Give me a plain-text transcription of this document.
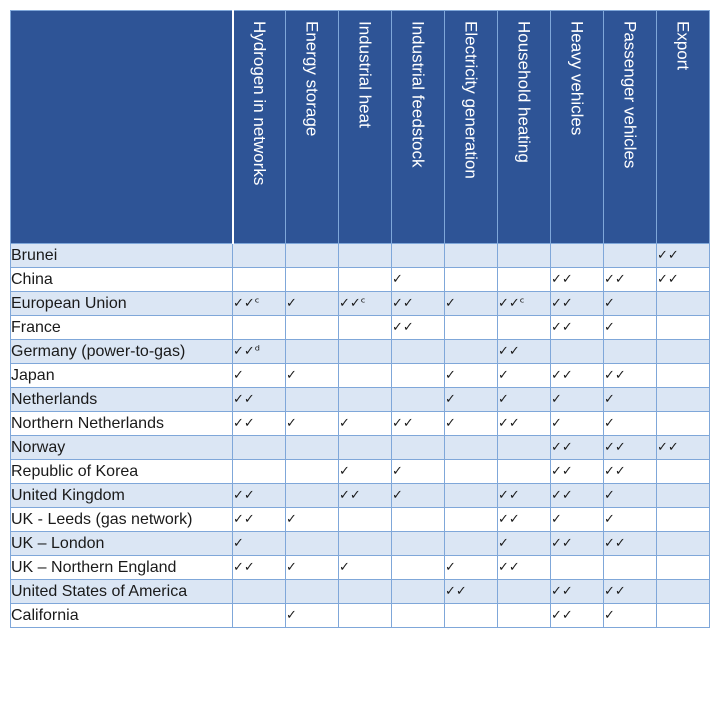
	Hydrogen in networks	Energy storage	Industrial heat	Industrial feedstock	Electricity generation	Household heating	Heavy vehicles	Passenger vehicles	Export
Brunei									✓✓
China				✓			✓✓	✓✓	✓✓
European Union	✓✓ᶜ	✓	✓✓ᶜ	✓✓	✓	✓✓ᶜ	✓✓	✓	
France				✓✓			✓✓	✓	
Germany (power-to-gas)	✓✓ᵈ					✓✓			
Japan	✓	✓			✓	✓	✓✓	✓✓	
Netherlands	✓✓				✓	✓	✓	✓	
Northern Netherlands	✓✓	✓	✓	✓✓	✓	✓✓	✓	✓	
Norway							✓✓	✓✓	✓✓
Republic of Korea			✓	✓			✓✓	✓✓	
United Kingdom	✓✓		✓✓	✓		✓✓	✓✓	✓	
UK - Leeds (gas network)	✓✓	✓				✓✓	✓	✓	
UK – London	✓					✓	✓✓	✓✓	
UK – Northern England	✓✓	✓	✓		✓	✓✓			
United States of America					✓✓		✓✓	✓✓	
California		✓					✓✓	✓	
